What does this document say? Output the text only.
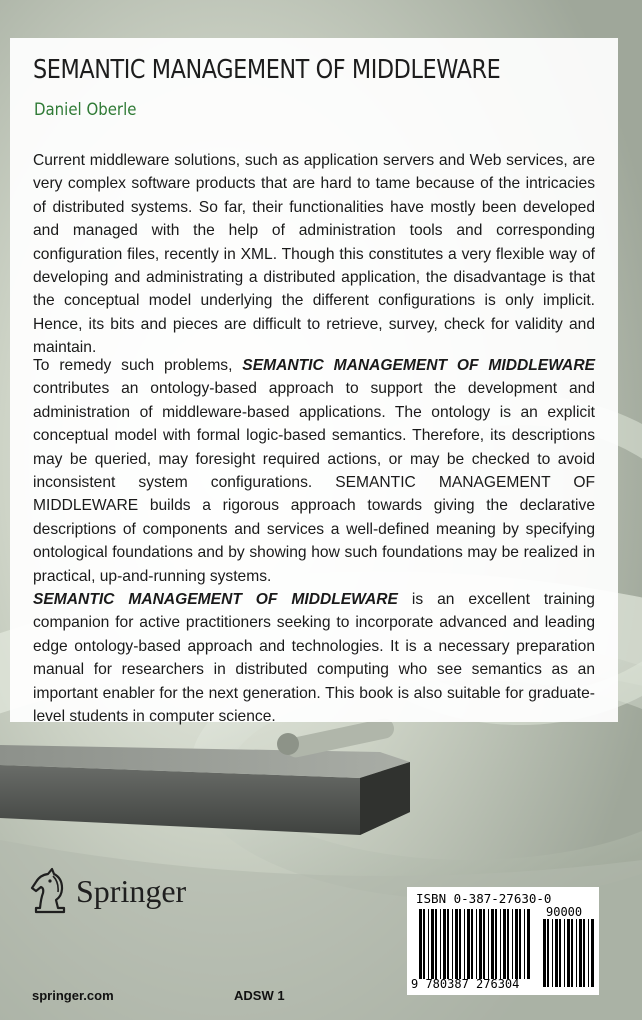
SEMANTIC MANAGEMENT OF MIDDLEWARE
Daniel Oberle

Current middleware solutions, such as application servers and Web services, are very complex software products that are hard to tame because of the intricacies of distributed systems. So far, their functionalities have mostly been developed and managed with the help of administration tools and corresponding configuration files, recently in XML. Though this constitutes a very flexible way of developing and administrating a distributed application, the disadvantage is that the conceptual model underlying the different configurations is only implicit. Hence, its bits and pieces are difficult to retrieve, survey, check for validity and maintain.

To remedy such problems, SEMANTIC MANAGEMENT OF MIDDLEWARE contributes an ontology-based approach to support the development and administration of middleware-based applications. The ontology is an explicit conceptual model with formal logic-based semantics. Therefore, its descriptions may be queried, may foresight required actions, or may be checked to avoid inconsistent system configurations. SEMANTIC MANAGEMENT OF MIDDLEWARE builds a rigorous approach towards giving the declarative descriptions of components and services a well-defined meaning by specifying ontological foundations and by showing how such foundations may be realized in practical, up-and-running systems.

SEMANTIC MANAGEMENT OF MIDDLEWARE is an excellent training companion for active practitioners seeking to incorporate advanced and leading edge ontology-based approach and technologies. It is a necessary preparation manual for researchers in distributed computing who see semantics as an important enabler for the next generation. This book is also suitable for graduate-level students in computer science.

Springer
springer.com	ADSW 1
ISBN 0-387-27630-0
90000
9 780387 276304
